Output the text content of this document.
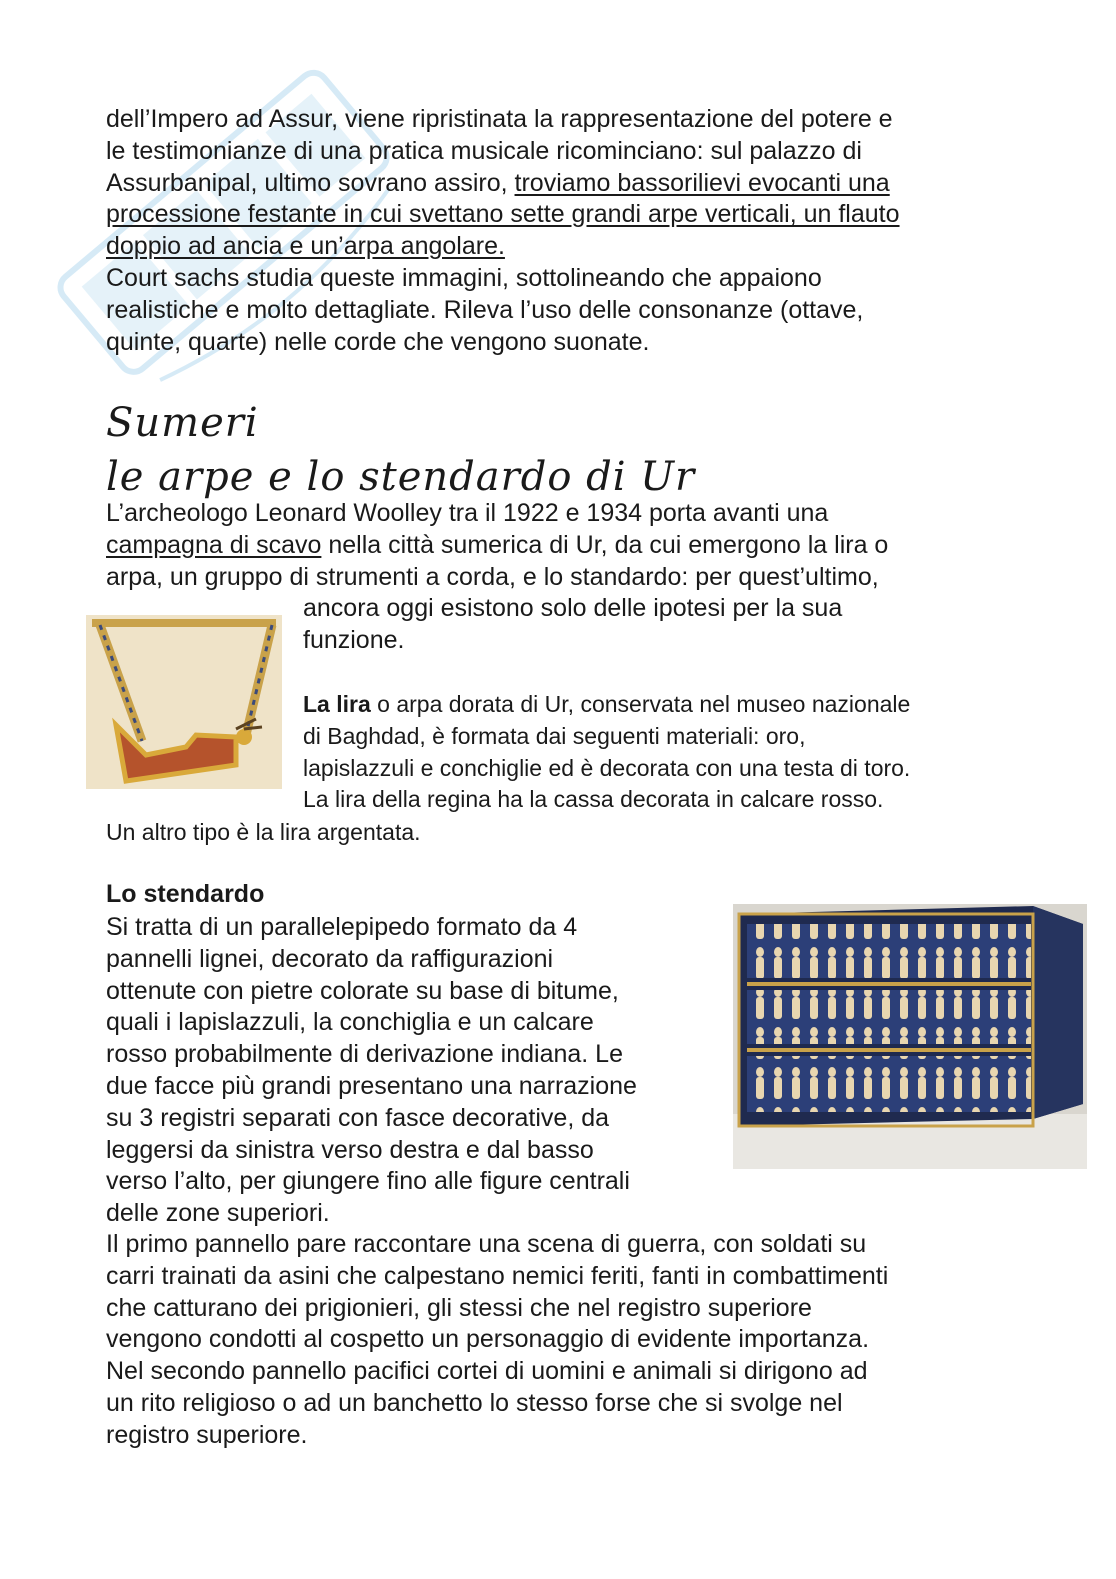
dell’Impero ad Assur, viene ripristinata la rappresentazione del potere e

le testimonianze di una pratica musicale ricominciano: sul palazzo di

Assurbanipal, ultimo sovrano assiro, troviamo bassorilievi evocanti una

processione festante in cui svettano sette grandi arpe verticali, un flauto

doppio ad ancia e un’arpa angolare.

Court sachs studia queste immagini, sottolineando che appaiono

realistiche e molto dettagliate. Rileva l’uso delle consonanze (ottave,

quinte, quarte) nelle corde che vengono suonate.

Sumeri
le arpe e lo stendardo di Ur

L’archeologo Leonard Woolley tra il 1922 e 1934 porta avanti una

campagna di scavo nella città sumerica di Ur, da cui emergono la lira o

arpa, un gruppo di strumenti a corda, e lo standardo: per quest’ultimo,

ancora oggi esistono solo delle ipotesi per la sua

funzione.

La lira o arpa dorata di Ur, conservata nel museo nazionale

di Baghdad, è formata dai seguenti materiali: oro,

lapislazzuli e conchiglie ed è decorata con una testa di toro.

La lira della regina ha la cassa decorata in calcare rosso.

Un altro tipo è la lira argentata.

Lo stendardo

Si tratta di un parallelepipedo formato da 4

pannelli lignei, decorato da raffigurazioni

ottenute con pietre colorate su base di bitume,

quali i lapislazzuli, la conchiglia e un calcare

rosso probabilmente di derivazione indiana. Le

due facce più grandi presentano una narrazione

su 3 registri separati con fasce decorative, da

leggersi da sinistra verso destra e dal basso

verso l’alto, per giungere fino alle figure centrali

delle zone superiori.

Il primo pannello pare raccontare una scena di guerra, con soldati su

carri trainati da asini che calpestano nemici feriti, fanti in combattimenti

che catturano dei prigionieri, gli stessi che nel registro superiore

vengono condotti al cospetto un personaggio di evidente importanza.

Nel secondo pannello pacifici cortei di uomini e animali si dirigono ad

un rito religioso o ad un banchetto lo stesso forse che si svolge nel

registro superiore.
